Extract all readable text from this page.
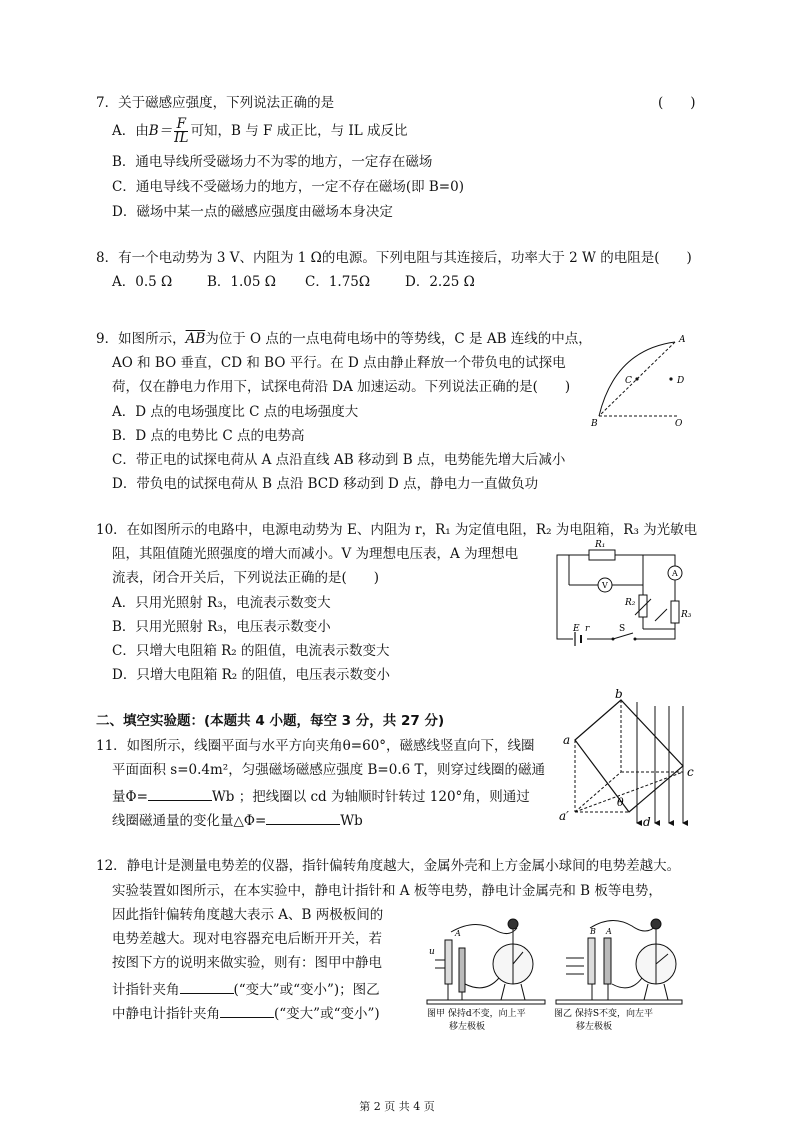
7．关于磁感应强度，下列说法正确的是	(　　)
A．由$B= \frac{F}{IL}$ 可知，B 与 F 成正比，与 IL 成反比
B．通电导线所受磁场力不为零的地方，一定存在磁场
C．通电导线不受磁场力的地方，一定不存在磁场(即 B=0)
D．磁场中某一点的磁感应强度由磁场本身决定
8．有一个电动势为 3 V、内阻为 1 Ω的电源。下列电阻与其连接后，功率大于 2 W 的电阻是(　　)
A．0.5 Ω	B．1.05 Ω C．1.75Ω	D．2.25 Ω
9．如图所示，$\overline{AB}$为位于 O 点的一点电荷电场中的等势线，C 是 AB 连线的中点，
AO 和 BO 垂直，CD 和 BO 平行。在 D 点由静止释放一个带负电的试探电
荷，仅在静电力作用下，试探电荷沿 DA 加速运动。下列说法正确的是(　　)
A．D 点的电场强度比 C 点的电场强度大
B．D 点的电势比 C 点的电势高
C．带正电的试探电荷从 A 点沿直线 AB 移动到 B 点，电势能先增大后减小
D．带负电的试探电荷从 B 点沿 BCD 移动到 D 点，静电力一直做负功
A
C	D
B	O
10．在如图所示的电路中，电源电动势为 E、内阻为 r，R₁ 为定值电阻，R₂ 为电阻箱，R₃ 为光敏电
阻，其阻值随光照强度的增大而减小。V 为理想电压表，A 为理想电
流表，闭合开关后，下列说法正确的是(　　)
A．只用光照射 R₃，电流表示数变大
B．只用光照射 R₃，电压表示数变小
C．只增大电阻箱 R₂ 的阻值，电流表示数变大
D．只增大电阻箱 R₂ 的阻值，电压表示数变小
R₁
V
A
R₂
R₃
E r	S
二、填空实验题：(本题共 4 小题，每空 3 分，共 27 分)
11．如图所示，线圈平面与水平方向夹角θ=60°，磁感线竖直向下，线圈
平面面积 s=0.4m²，匀强磁场磁感应强度 B=0.6 T，则穿过线圈的磁通
量Φ=	Wb ；把线圈以 cd 为轴顺时针转过 120°角，则通过
线圈磁通量的变化量△Φ=	Wb
a
b
c
a′
θ
d
12．静电计是测量电势差的仪器，指针偏转角度越大，金属外壳和上方金属小球间的电势差越大。
实验装置如图所示，在本实验中，静电计指针和 A 板等电势，静电计金属壳和 B 板等电势，
因此指针偏转角度越大表示 A、B 两极板间的
电势差越大。现对电容器充电后断开开关，若
按图下方的说明来做实验，则有：图甲中静电
计指针夹角	(“变大”或“变小”)；图乙
中静电计指针夹角	(“变大”或“变小”)
u
A
图甲 保持d不变，向上平
移左极板
B A
图乙 保持S不变，向左平
移左极板
第 2 页 共 4 页
